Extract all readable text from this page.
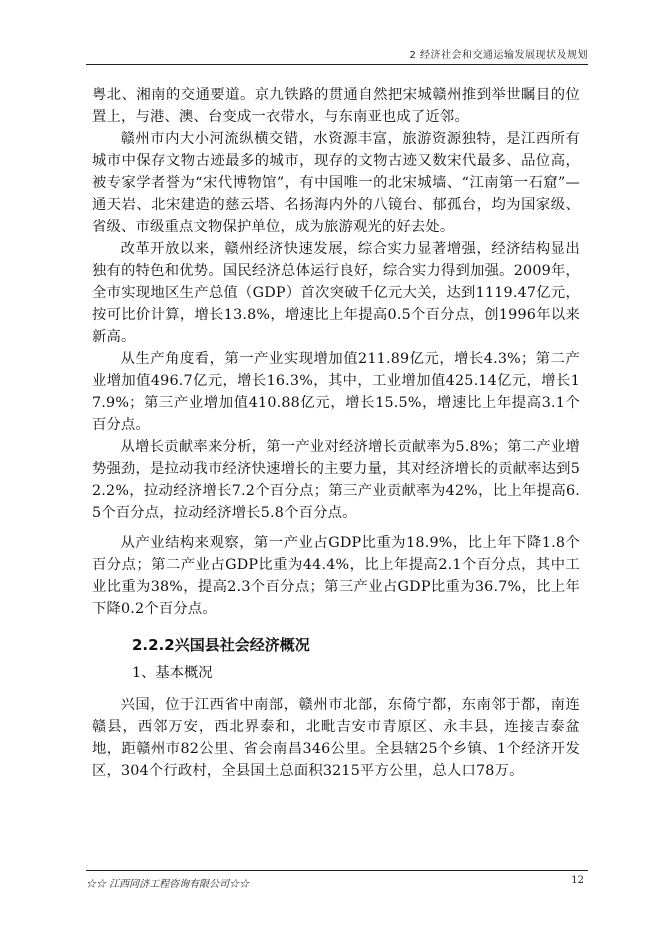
2 经济社会和交通运输发展现状及规划

粤北、湘南的交通要道。京九铁路的贯通自然把宋城赣州推到举世瞩目的位置上，与港、澳、台变成一衣带水，与东南亚也成了近邻。

赣州市内大小河流纵横交错，水资源丰富，旅游资源独特，是江西所有城市中保存文物古迹最多的城市，现存的文物古迹又数宋代最多、品位高，被专家学者誉为“宋代博物馆”，有中国唯一的北宋城墙、“江南第一石窟”—通天岩、北宋建造的慈云塔、名扬海内外的八镜台、郁孤台，均为国家级、省级、市级重点文物保护单位，成为旅游观光的好去处。

改革开放以来，赣州经济快速发展，综合实力显著增强，经济结构显出独有的特色和优势。国民经济总体运行良好，综合实力得到加强。2009年，全市实现地区生产总值（GDP）首次突破千亿元大关，达到1119.47亿元，按可比价计算，增长13.8%，增速比上年提高0.5个百分点，创1996年以来新高。

从生产角度看，第一产业实现增加值211.89亿元，增长4.3%；第二产业增加值496.7亿元，增长16.3%，其中，工业增加值425.14亿元，增长17.9%；第三产业增加值410.88亿元，增长15.5%，增速比上年提高3.1个百分点。

从增长贡献率来分析，第一产业对经济增长贡献率为5.8%；第二产业增势强劲，是拉动我市经济快速增长的主要力量，其对经济增长的贡献率达到52.2%，拉动经济增长7.2个百分点；第三产业贡献率为42%，比上年提高6.5个百分点，拉动经济增长5.8个百分点。

从产业结构来观察，第一产业占GDP比重为18.9%，比上年下降1.8个百分点；第二产业占GDP比重为44.4%，比上年提高2.1个百分点，其中工业比重为38%，提高2.3个百分点；第三产业占GDP比重为36.7%，比上年下降0.2个百分点。

2.2.2兴国县社会经济概况
1、基本概况

兴国，位于江西省中南部，赣州市北部，东倚宁都，东南邻于都，南连赣县，西邻万安，西北界泰和，北毗吉安市青原区、永丰县，连接吉泰盆地，距赣州市82公里、省会南昌346公里。全县辖25个乡镇、1个经济开发区，304个行政村，全县国土总面积3215平方公里，总人口78万。

☆☆ 江西同济工程咨询有限公司☆☆	12
